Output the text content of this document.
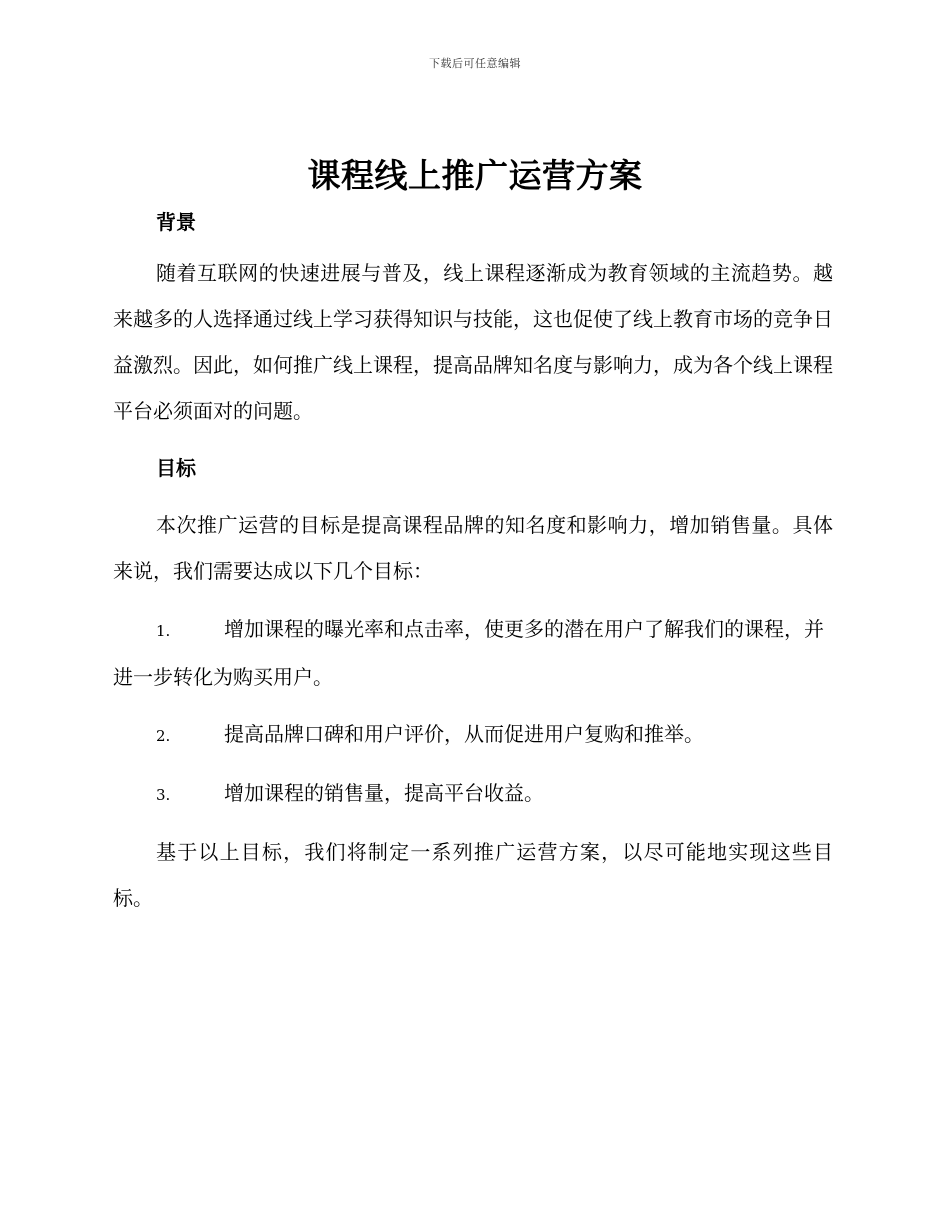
下载后可任意编辑
课程线上推广运营方案
背景

随着互联网的快速进展与普及，线上课程逐渐成为教育领域的主流趋势。越来越多的人选择通过线上学习获得知识与技能，这也促使了线上教育市场的竞争日益激烈。因此，如何推广线上课程，提高品牌知名度与影响力，成为各个线上课程平台必须面对的问题。

目标

本次推广运营的目标是提高课程品牌的知名度和影响力，增加销售量。具体来说，我们需要达成以下几个目标：

1.	增加课程的曝光率和点击率，使更多的潜在用户了解我们的课程，并进一步转化为购买用户。

2.	提高品牌口碑和用户评价，从而促进用户复购和推举。

3.	增加课程的销售量，提高平台收益。

基于以上目标，我们将制定一系列推广运营方案，以尽可能地实现这些目标。
